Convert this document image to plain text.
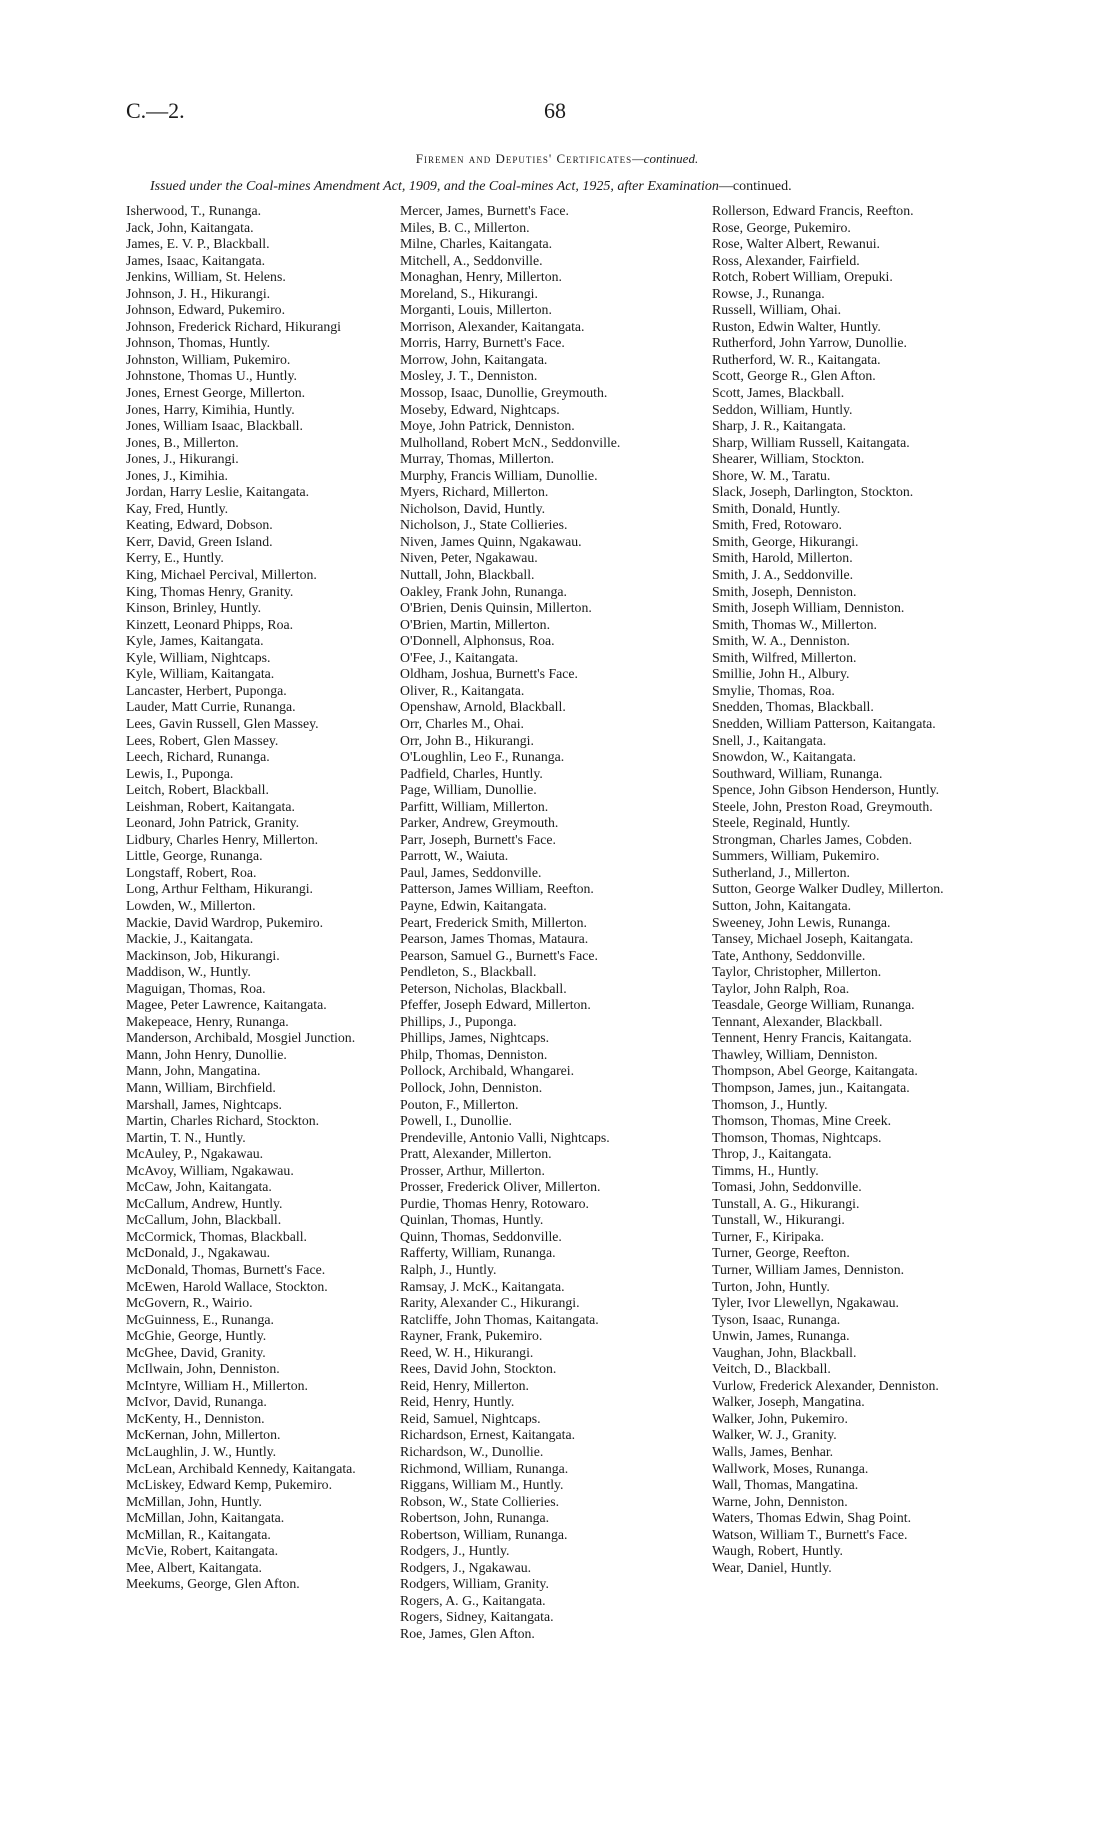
C.—2.	68
Firemen and Deputies' Certificates—continued.
Issued under the Coal-mines Amendment Act, 1909, and the Coal-mines Act, 1925, after Examination—continued.
Isherwood, T., Runanga.
Jack, John, Kaitangata.
James, E. V. P., Blackball.
James, Isaac, Kaitangata.
Jenkins, William, St. Helens.
Johnson, J. H., Hikurangi.
Johnson, Edward, Pukemiro.
Johnson, Frederick Richard, Hikurangi
Johnson, Thomas, Huntly.
Johnston, William, Pukemiro.
Johnstone, Thomas U., Huntly.
Jones, Ernest George, Millerton.
Jones, Harry, Kimihia, Huntly.
Jones, William Isaac, Blackball.
Jones, B., Millerton.
Jones, J., Hikurangi.
Jones, J., Kimihia.
Jordan, Harry Leslie, Kaitangata.
Kay, Fred, Huntly.
Keating, Edward, Dobson.
Kerr, David, Green Island.
Kerry, E., Huntly.
King, Michael Percival, Millerton.
King, Thomas Henry, Granity.
Kinson, Brinley, Huntly.
Kinzett, Leonard Phipps, Roa.
Kyle, James, Kaitangata.
Kyle, William, Nightcaps.
Kyle, William, Kaitangata.
Lancaster, Herbert, Puponga.
Lauder, Matt Currie, Runanga.
Lees, Gavin Russell, Glen Massey.
Lees, Robert, Glen Massey.
Leech, Richard, Runanga.
Lewis, I., Puponga.
Leitch, Robert, Blackball.
Leishman, Robert, Kaitangata.
Leonard, John Patrick, Granity.
Lidbury, Charles Henry, Millerton.
Little, George, Runanga.
Longstaff, Robert, Roa.
Long, Arthur Feltham, Hikurangi.
Lowden, W., Millerton.
Mackie, David Wardrop, Pukemiro.
Mackie, J., Kaitangata.
Mackinson, Job, Hikurangi.
Maddison, W., Huntly.
Maguigan, Thomas, Roa.
Magee, Peter Lawrence, Kaitangata.
Makepeace, Henry, Runanga.
Manderson, Archibald, Mosgiel Junction.
Mann, John Henry, Dunollie.
Mann, John, Mangatina.
Mann, William, Birchfield.
Marshall, James, Nightcaps.
Martin, Charles Richard, Stockton.
Martin, T. N., Huntly.
McAuley, P., Ngakawau.
McAvoy, William, Ngakawau.
McCaw, John, Kaitangata.
McCallum, Andrew, Huntly.
McCallum, John, Blackball.
McCormick, Thomas, Blackball.
McDonald, J., Ngakawau.
McDonald, Thomas, Burnett's Face.
McEwen, Harold Wallace, Stockton.
McGovern, R., Wairio.
McGuinness, E., Runanga.
McGhie, George, Huntly.
McGhee, David, Granity.
McIlwain, John, Denniston.
McIntyre, William H., Millerton.
McIvor, David, Runanga.
McKenty, H., Denniston.
McKernan, John, Millerton.
McLaughlin, J. W., Huntly.
McLean, Archibald Kennedy, Kaitangata.
McLiskey, Edward Kemp, Pukemiro.
McMillan, John, Huntly.
McMillan, John, Kaitangata.
McMillan, R., Kaitangata.
McVie, Robert, Kaitangata.
Mee, Albert, Kaitangata.
Meekums, George, Glen Afton.
Mercer, James, Burnett's Face.
Miles, B. C., Millerton.
Milne, Charles, Kaitangata.
Mitchell, A., Seddonville.
Monaghan, Henry, Millerton.
Moreland, S., Hikurangi.
Morganti, Louis, Millerton.
Morrison, Alexander, Kaitangata.
Morris, Harry, Burnett's Face.
Morrow, John, Kaitangata.
Mosley, J. T., Denniston.
Mossop, Isaac, Dunollie, Greymouth.
Moseby, Edward, Nightcaps.
Moye, John Patrick, Denniston.
Mulholland, Robert McN., Seddonville.
Murray, Thomas, Millerton.
Murphy, Francis William, Dunollie.
Myers, Richard, Millerton.
Nicholson, David, Huntly.
Nicholson, J., State Collieries.
Niven, James Quinn, Ngakawau.
Niven, Peter, Ngakawau.
Nuttall, John, Blackball.
Oakley, Frank John, Runanga.
O'Brien, Denis Quinsin, Millerton.
O'Brien, Martin, Millerton.
O'Donnell, Alphonsus, Roa.
O'Fee, J., Kaitangata.
Oldham, Joshua, Burnett's Face.
Oliver, R., Kaitangata.
Openshaw, Arnold, Blackball.
Orr, Charles M., Ohai.
Orr, John B., Hikurangi.
O'Loughlin, Leo F., Runanga.
Padfield, Charles, Huntly.
Page, William, Dunollie.
Parfitt, William, Millerton.
Parker, Andrew, Greymouth.
Parr, Joseph, Burnett's Face.
Parrott, W., Waiuta.
Paul, James, Seddonville.
Patterson, James William, Reefton.
Payne, Edwin, Kaitangata.
Peart, Frederick Smith, Millerton.
Pearson, James Thomas, Mataura.
Pearson, Samuel G., Burnett's Face.
Pendleton, S., Blackball.
Peterson, Nicholas, Blackball.
Pfeffer, Joseph Edward, Millerton.
Phillips, J., Puponga.
Phillips, James, Nightcaps.
Philp, Thomas, Denniston.
Pollock, Archibald, Whangarei.
Pollock, John, Denniston.
Pouton, F., Millerton.
Powell, I., Dunollie.
Prendeville, Antonio Valli, Nightcaps.
Pratt, Alexander, Millerton.
Prosser, Arthur, Millerton.
Prosser, Frederick Oliver, Millerton.
Purdie, Thomas Henry, Rotowaro.
Quinlan, Thomas, Huntly.
Quinn, Thomas, Seddonville.
Rafferty, William, Runanga.
Ralph, J., Huntly.
Ramsay, J. McK., Kaitangata.
Rarity, Alexander C., Hikurangi.
Ratcliffe, John Thomas, Kaitangata.
Rayner, Frank, Pukemiro.
Reed, W. H., Hikurangi.
Rees, David John, Stockton.
Reid, Henry, Millerton.
Reid, Henry, Huntly.
Reid, Samuel, Nightcaps.
Richardson, Ernest, Kaitangata.
Richardson, W., Dunollie.
Richmond, William, Runanga.
Riggans, William M., Huntly.
Robson, W., State Collieries.
Robertson, John, Runanga.
Robertson, William, Runanga.
Rodgers, J., Huntly.
Rodgers, J., Ngakawau.
Rodgers, William, Granity.
Rogers, A. G., Kaitangata.
Rogers, Sidney, Kaitangata.
Roe, James, Glen Afton.
Rollerson, Edward Francis, Reefton.
Rose, George, Pukemiro.
Rose, Walter Albert, Rewanui.
Ross, Alexander, Fairfield.
Rotch, Robert William, Orepuki.
Rowse, J., Runanga.
Russell, William, Ohai.
Ruston, Edwin Walter, Huntly.
Rutherford, John Yarrow, Dunollie.
Rutherford, W. R., Kaitangata.
Scott, George R., Glen Afton.
Scott, James, Blackball.
Seddon, William, Huntly.
Sharp, J. R., Kaitangata.
Sharp, William Russell, Kaitangata.
Shearer, William, Stockton.
Shore, W. M., Taratu.
Slack, Joseph, Darlington, Stockton.
Smith, Donald, Huntly.
Smith, Fred, Rotowaro.
Smith, George, Hikurangi.
Smith, Harold, Millerton.
Smith, J. A., Seddonville.
Smith, Joseph, Denniston.
Smith, Joseph William, Denniston.
Smith, Thomas W., Millerton.
Smith, W. A., Denniston.
Smith, Wilfred, Millerton.
Smillie, John H., Albury.
Smylie, Thomas, Roa.
Snedden, Thomas, Blackball.
Snedden, William Patterson, Kaitangata.
Snell, J., Kaitangata.
Snowdon, W., Kaitangata.
Southward, William, Runanga.
Spence, John Gibson Henderson, Huntly.
Steele, John, Preston Road, Greymouth.
Steele, Reginald, Huntly.
Strongman, Charles James, Cobden.
Summers, William, Pukemiro.
Sutherland, J., Millerton.
Sutton, George Walker Dudley, Millerton.
Sutton, John, Kaitangata.
Sweeney, John Lewis, Runanga.
Tansey, Michael Joseph, Kaitangata.
Tate, Anthony, Seddonville.
Taylor, Christopher, Millerton.
Taylor, John Ralph, Roa.
Teasdale, George William, Runanga.
Tennant, Alexander, Blackball.
Tennent, Henry Francis, Kaitangata.
Thawley, William, Denniston.
Thompson, Abel George, Kaitangata.
Thompson, James, jun., Kaitangata.
Thomson, J., Huntly.
Thomson, Thomas, Mine Creek.
Thomson, Thomas, Nightcaps.
Throp, J., Kaitangata.
Timms, H., Huntly.
Tomasi, John, Seddonville.
Tunstall, A. G., Hikurangi.
Tunstall, W., Hikurangi.
Turner, F., Kiripaka.
Turner, George, Reefton.
Turner, William James, Denniston.
Turton, John, Huntly.
Tyler, Ivor Llewellyn, Ngakawau.
Tyson, Isaac, Runanga.
Unwin, James, Runanga.
Vaughan, John, Blackball.
Veitch, D., Blackball.
Vurlow, Frederick Alexander, Denniston.
Walker, Joseph, Mangatina.
Walker, John, Pukemiro.
Walker, W. J., Granity.
Walls, James, Benhar.
Wallwork, Moses, Runanga.
Wall, Thomas, Mangatina.
Warne, John, Denniston.
Waters, Thomas Edwin, Shag Point.
Watson, William T., Burnett's Face.
Waugh, Robert, Huntly.
Wear, Daniel, Huntly.
